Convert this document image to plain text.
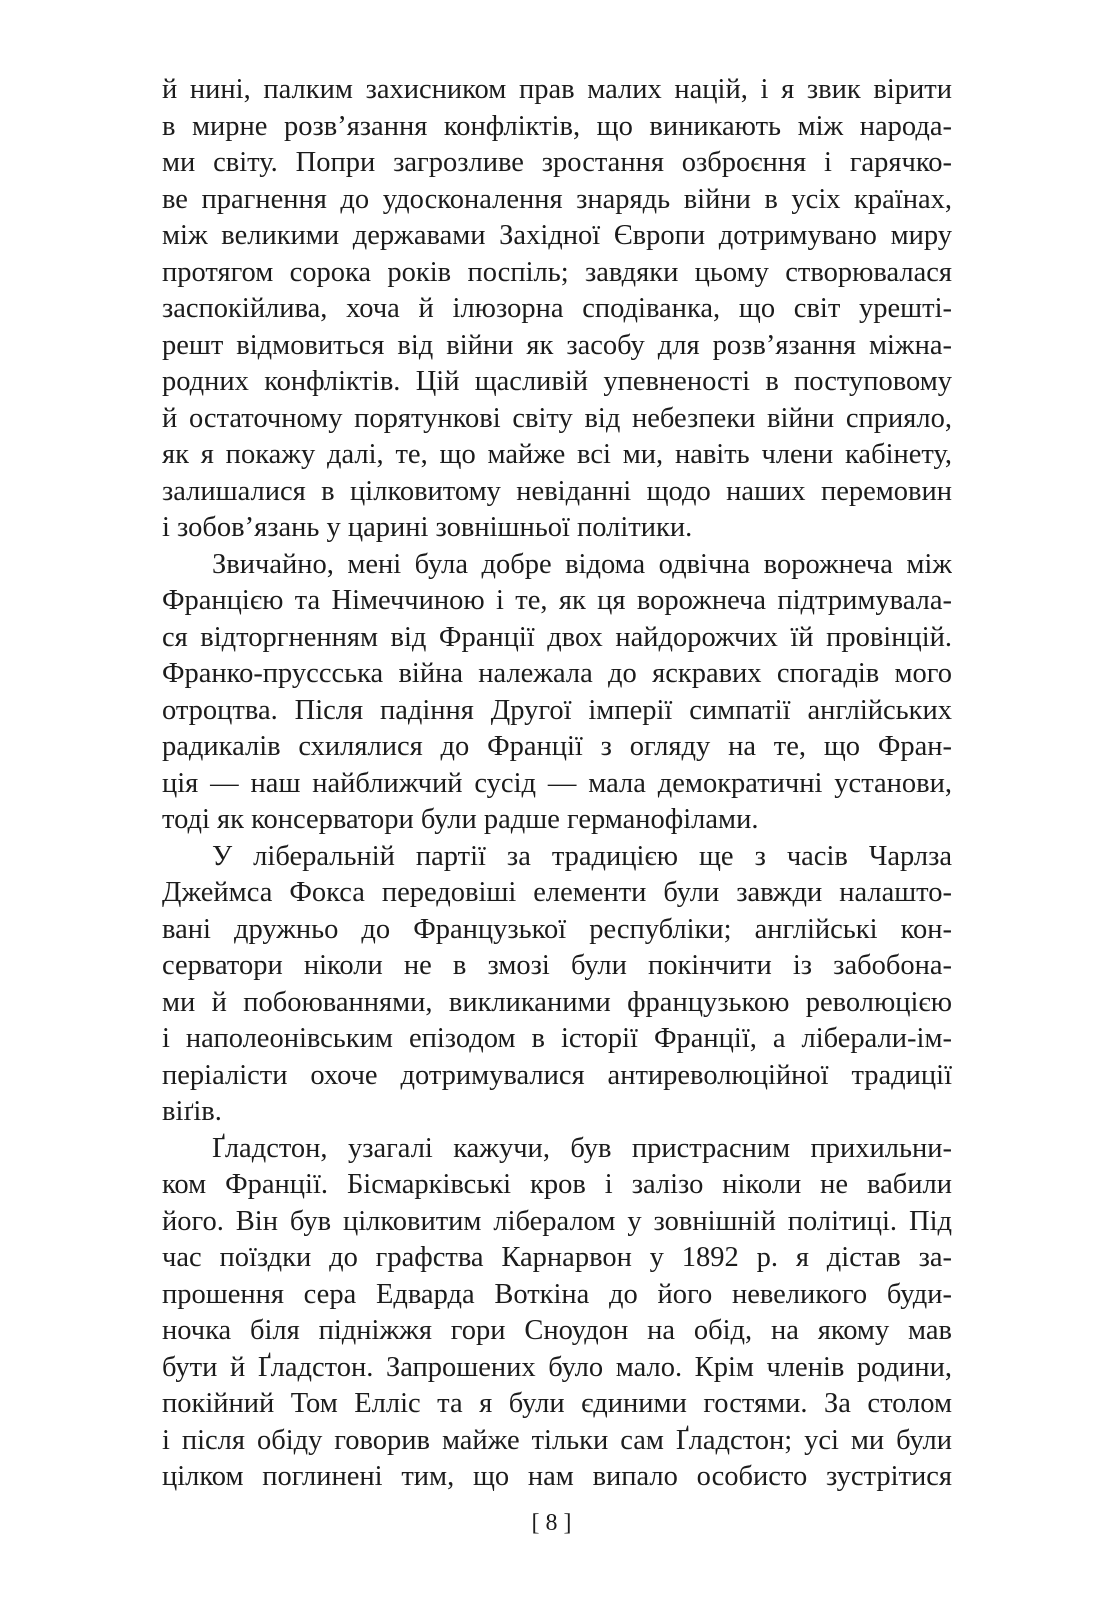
й нині, палким захисником прав малих націй, і я звик вірити
в мирне розв’язання конфліктів, що виникають між народа-
ми світу. Попри загрозливе зростання озброєння і гарячко-
ве прагнення до удосконалення знарядь війни в усіх країнах,
між великими державами Західної Європи дотримувано миру
протягом сорока років поспіль; завдяки цьому створювалася
заспокійлива, хоча й ілюзорна сподіванка, що світ урешті-
решт відмовиться від війни як засобу для розв’язання міжна-
родних конфліктів. Цій щасливій упевненості в поступовому
й остаточному порятункові світу від небезпеки війни сприяло,
як я покажу далі, те, що майже всі ми, навіть члени кабінету,
залишалися в цілковитому невіданні щодо наших перемовин
і зобов’язань у царині зовнішньої політики.
Звичайно, мені була добре відома одвічна ворожнеча між
Францією та Німеччиною і те, як ця ворожнеча підтримувала-
ся відторгненням від Франції двох найдорожчих їй провінцій.
Франко-пруссська війна належала до яскравих спогадів мого
отроцтва. Після падіння Другої імперії симпатії англійських
радикалів схилялися до Франції з огляду на те, що Фран-
ція — наш найближчий сусід — мала демократичні установи,
тоді як консерватори були радше германофілами.
У ліберальній партії за традицією ще з часів Чарлза
Джеймса Фокса передовіші елементи були завжди налашто-
вані дружньо до Французької республіки; англійські кон-
серватори ніколи не в змозі були покінчити із забобона-
ми й побоюваннями, викликаними французькою революцією
і наполеонівським епізодом в історії Франції, а ліберали-ім-
періалісти охоче дотримувалися антиреволюційної традиції
віґів.
Ґладстон, узагалі кажучи, був пристрасним прихильни-
ком Франції. Бісмарківські кров і залізо ніколи не вабили
його. Він був цілковитим лібералом у зовнішній політиці. Під
час поїздки до графства Карнарвон у 1892 р. я дістав за-
прошення сера Едварда Воткіна до його невеликого буди-
ночка біля підніжжя гори Сноудон на обід, на якому мав
бути й Ґладстон. Запрошених було мало. Крім членів родини,
покійний Том Елліс та я були єдиними гостями. За столом
і після обіду говорив майже тільки сам Ґладстон; усі ми були
цілком поглинені тим, що нам випало особисто зустрітися
[ 8 ]
